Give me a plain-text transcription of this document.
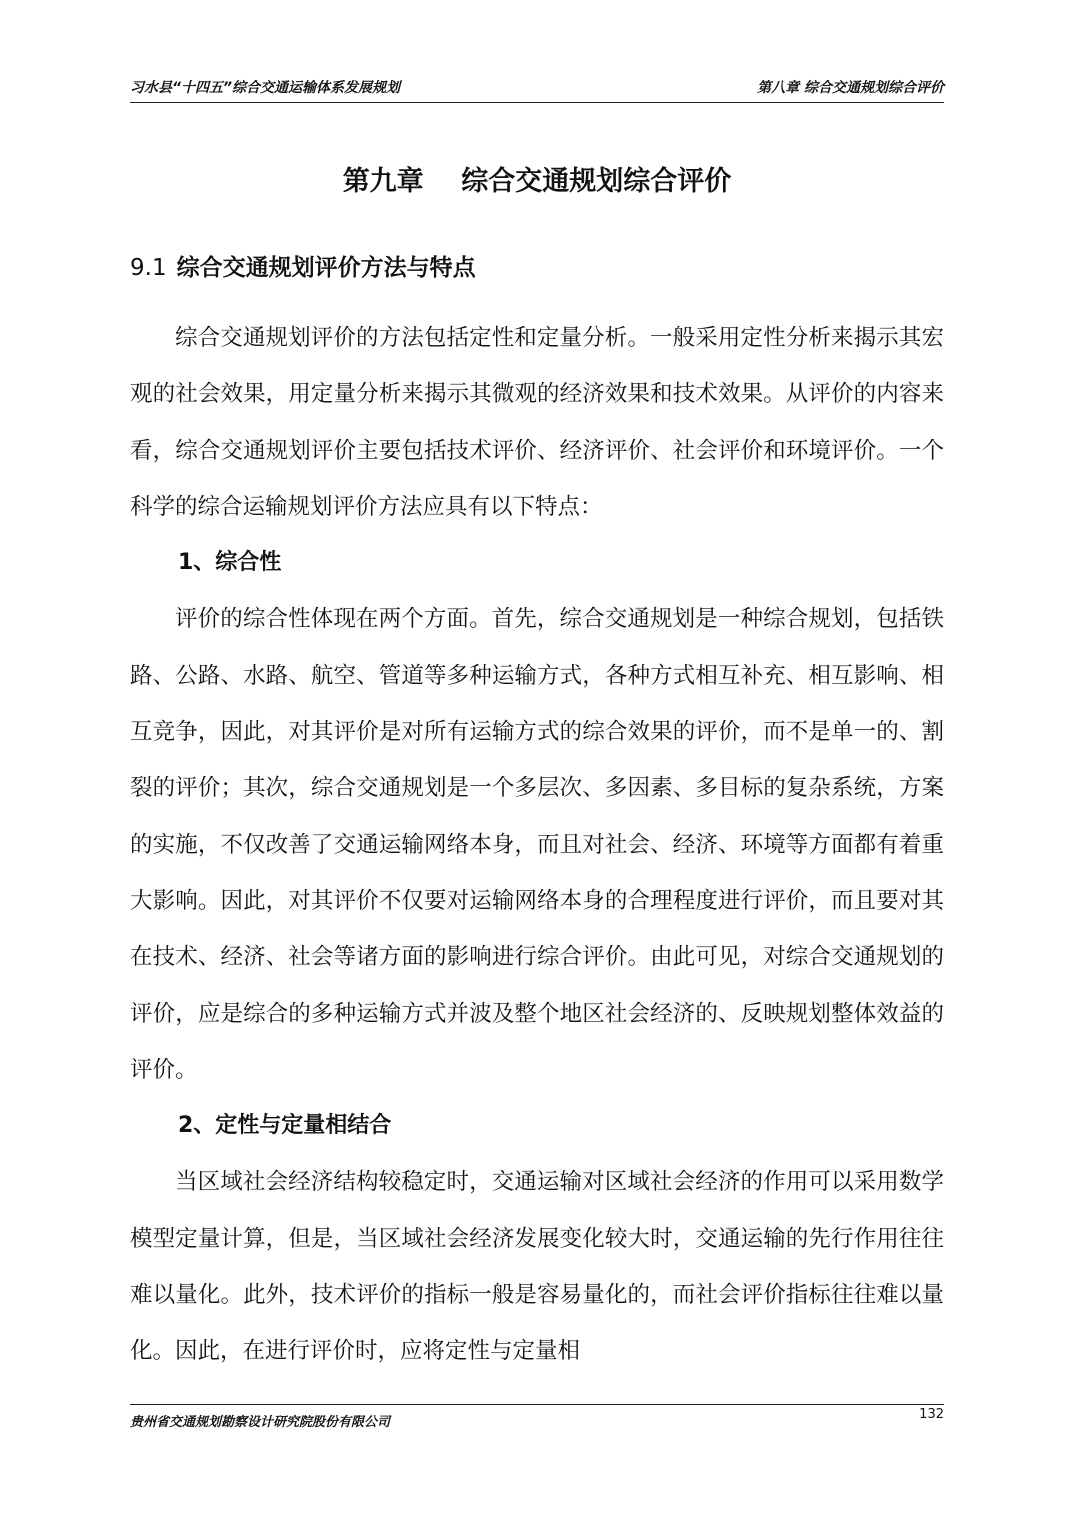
习水县“十四五”综合交通运输体系发展规划	第八章 综合交通规划综合评价
第九章    综合交通规划综合评价
9.1 综合交通规划评价方法与特点

综合交通规划评价的方法包括定性和定量分析。一般采用定性分析来揭示其宏观的社会效果，用定量分析来揭示其微观的经济效果和技术效果。从评价的内容来看，综合交通规划评价主要包括技术评价、经济评价、社会评价和环境评价。一个科学的综合运输规划评价方法应具有以下特点：

1、综合性

评价的综合性体现在两个方面。首先，综合交通规划是一种综合规划，包括铁路、公路、水路、航空、管道等多种运输方式，各种方式相互补充、相互影响、相互竞争，因此，对其评价是对所有运输方式的综合效果的评价，而不是单一的、割裂的评价；其次，综合交通规划是一个多层次、多因素、多目标的复杂系统，方案的实施，不仅改善了交通运输网络本身，而且对社会、经济、环境等方面都有着重大影响。因此，对其评价不仅要对运输网络本身的合理程度进行评价，而且要对其在技术、经济、社会等诸方面的影响进行综合评价。由此可见，对综合交通规划的评价，应是综合的多种运输方式并波及整个地区社会经济的、反映规划整体效益的评价。

2、定性与定量相结合

当区域社会经济结构较稳定时，交通运输对区域社会经济的作用可以采用数学模型定量计算，但是，当区域社会经济发展变化较大时，交通运输的先行作用往往难以量化。此外，技术评价的指标一般是容易量化的，而社会评价指标往往难以量化。因此，在进行评价时，应将定性与定量相

贵州省交通规划勘察设计研究院股份有限公司
132
